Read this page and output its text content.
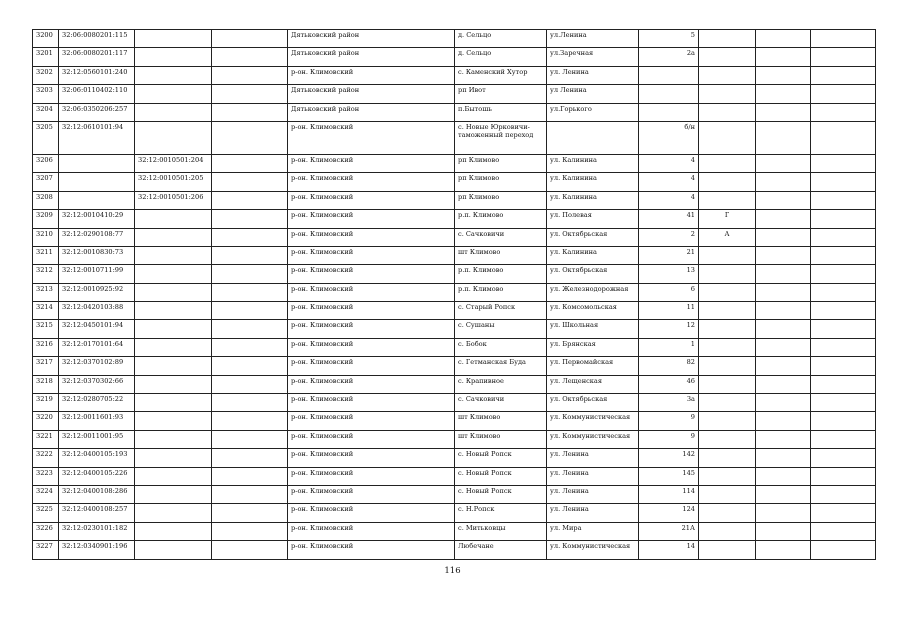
3200	32:06:0080201:115			Дятьковский район	д. Сельцо	ул.Ленина	5			
3201	32:06:0080201:117			Дятьковский район	д. Сельцо	ул.Заречная	2а			
3202	32:12:0560101:240			р-он. Климовский	с. Каменский Хутор	ул. Ленина				
3203	32:06:0110402:110			Дятьковский район	рп Ивот	ул Ленина				
3204	32:06:0350206:257			Дятьковский район	п.Бытошь	ул.Горького				
3205	32:12:0610101:94			р-он. Климовский	с. Новые Юрковичи-таможенный переход		б/н			
3206		32:12:0010501:204		р-он. Климовский	рп Климово	ул. Калинина	4			
3207		32:12:0010501:205		р-он. Климовский	рп Климово	ул. Калинина	4			
3208		32:12:0010501:206		р-он. Климовский	рп Климово	ул. Калинина	4			
3209	32:12:0010410:29			р-он. Климовский	р.п. Климово	ул. Полевая	41	Г		
3210	32:12:0290108:77			р-он. Климовский	с. Сачковичи	ул. Октябрьская	2	А		
3211	32:12:0010830:73			р-он. Климовский	шт Климово	ул. Калинина	21			
3212	32:12:0010711:99			р-он. Климовский	р.п. Климово	ул. Октябрьская	13			
3213	32:12:0010925:92			р-он. Климовский	р.п. Климово	ул. Железнодорожная	6			
3214	32:12:0420103:88			р-он. Климовский	с. Старый Ропск	ул. Комсомольская	11			
3215	32:12:0450101:94			р-он. Климовский	с. Сушаны	ул. Школьная	12			
3216	32:12:0170101:64			р-он. Климовский	с. Бобок	ул. Брянская	1			
3217	32:12:0370102:89			р-он. Климовский	с. Гетманская Буда	ул. Первомайская	82			
3218	32:12:0370302:66			р-он. Климовский	с. Крапивное	ул. Лещенская	46			
3219	32:12:0280705:22			р-он. Климовский	с. Сачковичи	ул. Октябрьская	3а			
3220	32:12:0011601:93			р-он. Климовский	шт Климово	ул. Коммунистическая	9			
3221	32:12:0011001:95			р-он. Климовский	шт Климово	ул. Коммунистическая	9			
3222	32:12:0400105:193			р-он. Климовский	с. Новый Ропск	ул. Ленина	142			
3223	32:12:0400105:226			р-он. Климовский	с. Новый Ропск	ул. Ленина	145			
3224	32:12:0400108:286			р-он. Климовский	с. Новый Ропск	ул. Ленина	114			
3225	32:12:0400108:257			р-он. Климовский	с. Н.Ропск	ул. Ленина	124			
3226	32:12:0230101:182			р-он. Климовский	с. Митьковцы	ул. Мира	21А			
3227	32:12:0340901:196			р-он. Климовский	Любечане	ул. Коммунистическая	14			
116
